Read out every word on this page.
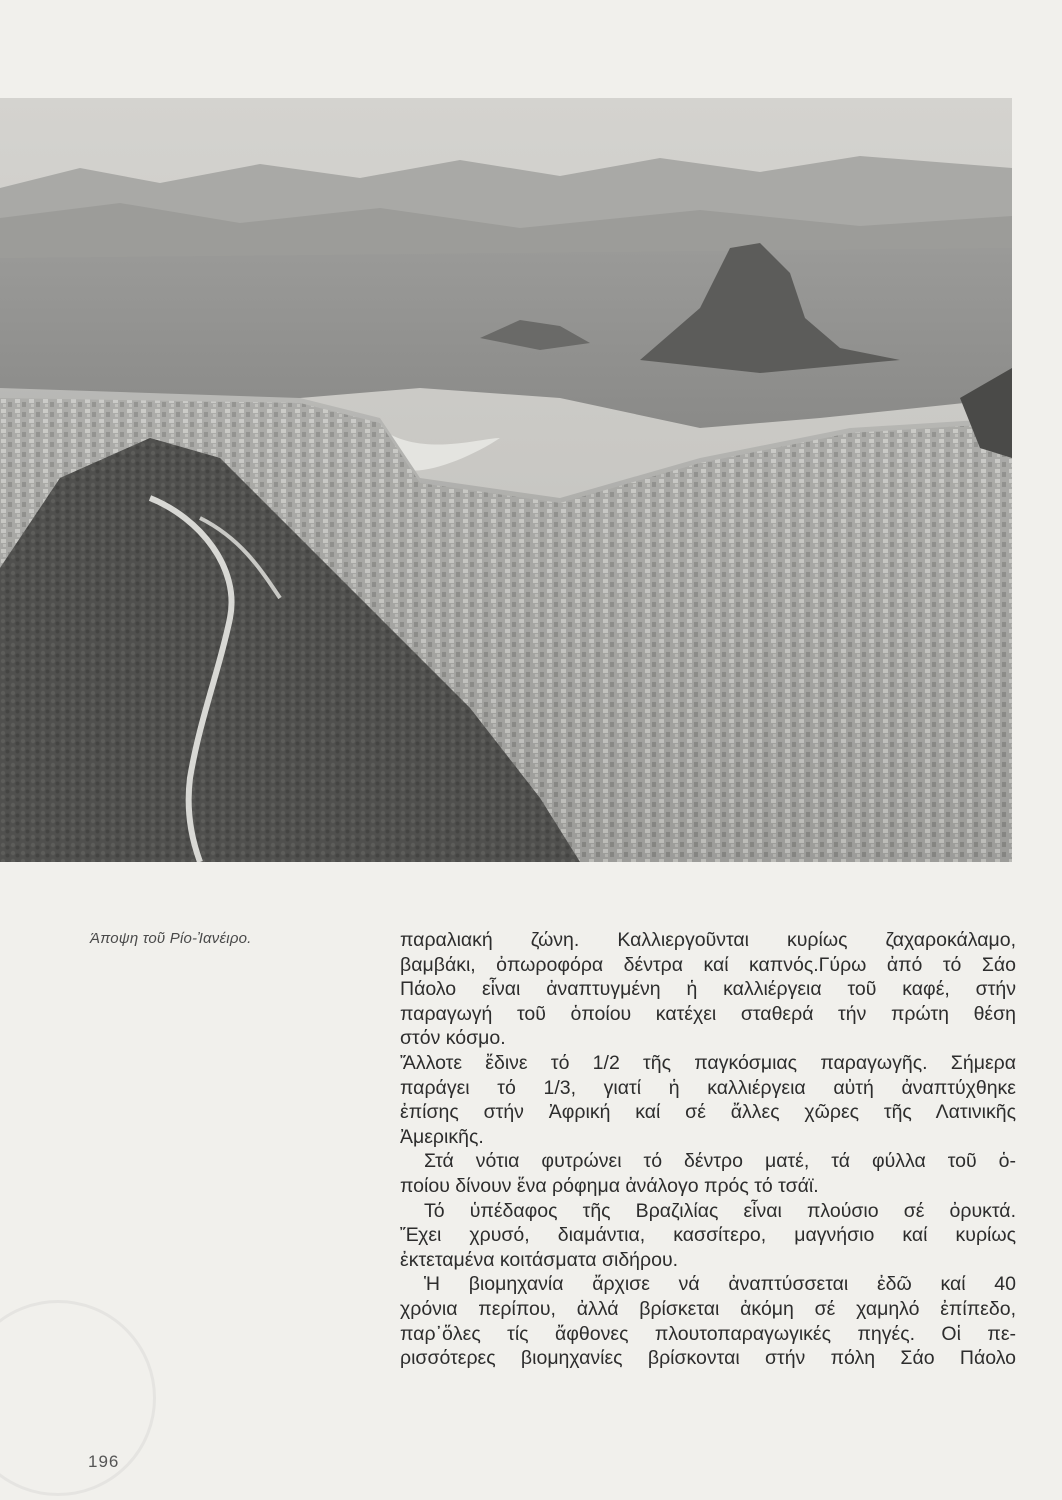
Άποψη τοῦ Ρίο-Ἰανέιρο.	παραλιακή ζώνη. Καλλιεργοῦνται κυρίως ζαχαροκάλαμο,
βαμβάκι, ὀπωροφόρα δέντρα καί καπνός.Γύρω ἀπό τό Σάο
Πάολο εἶναι ἀναπτυγμένη ἡ καλλιέργεια τοῦ καφέ, στήν
παραγωγή τοῦ ὁποίου κατέχει σταθερά τήν πρώτη θέση
στόν κόσμο.

Ἄλλοτε ἔδινε τό 1/2 τῆς παγκόσμιας παραγωγῆς. Σήμερα
παράγει τό 1/3, γιατί ἡ καλλιέργεια αὐτή ἀναπτύχθηκε
ἐπίσης στήν Ἀφρική καί σέ ἄλλες χῶρες τῆς Λατινικῆς
Ἀμερικῆς.

Στά νότια φυτρώνει τό δέντρο ματέ, τά φύλλα τοῦ ὁ-
ποίου δίνουν ἕνα ρόφημα ἀνάλογο πρός τό τσάϊ.

Τό ὑπέδαφος τῆς Βραζιλίας εἶναι πλούσιο σέ ὀρυκτά.
Ἔχει χρυσό, διαμάντια, κασσίτερο, μαγνήσιο καί κυρίως
ἐκτεταμένα κοιτάσματα σιδήρου.

Ἡ βιομηχανία ἄρχισε νά ἀναπτύσσεται ἐδῶ καί 40
χρόνια περίπου, ἀλλά βρίσκεται ἀκόμη σέ χαμηλό ἐπίπεδο,
παρ᾽ὅλες τίς ἄφθονες πλουτοπαραγωγικές πηγές. Οἱ πε-
ρισσότερες βιομηχανίες βρίσκονται στήν πόλη Σάο Πάολο

196
